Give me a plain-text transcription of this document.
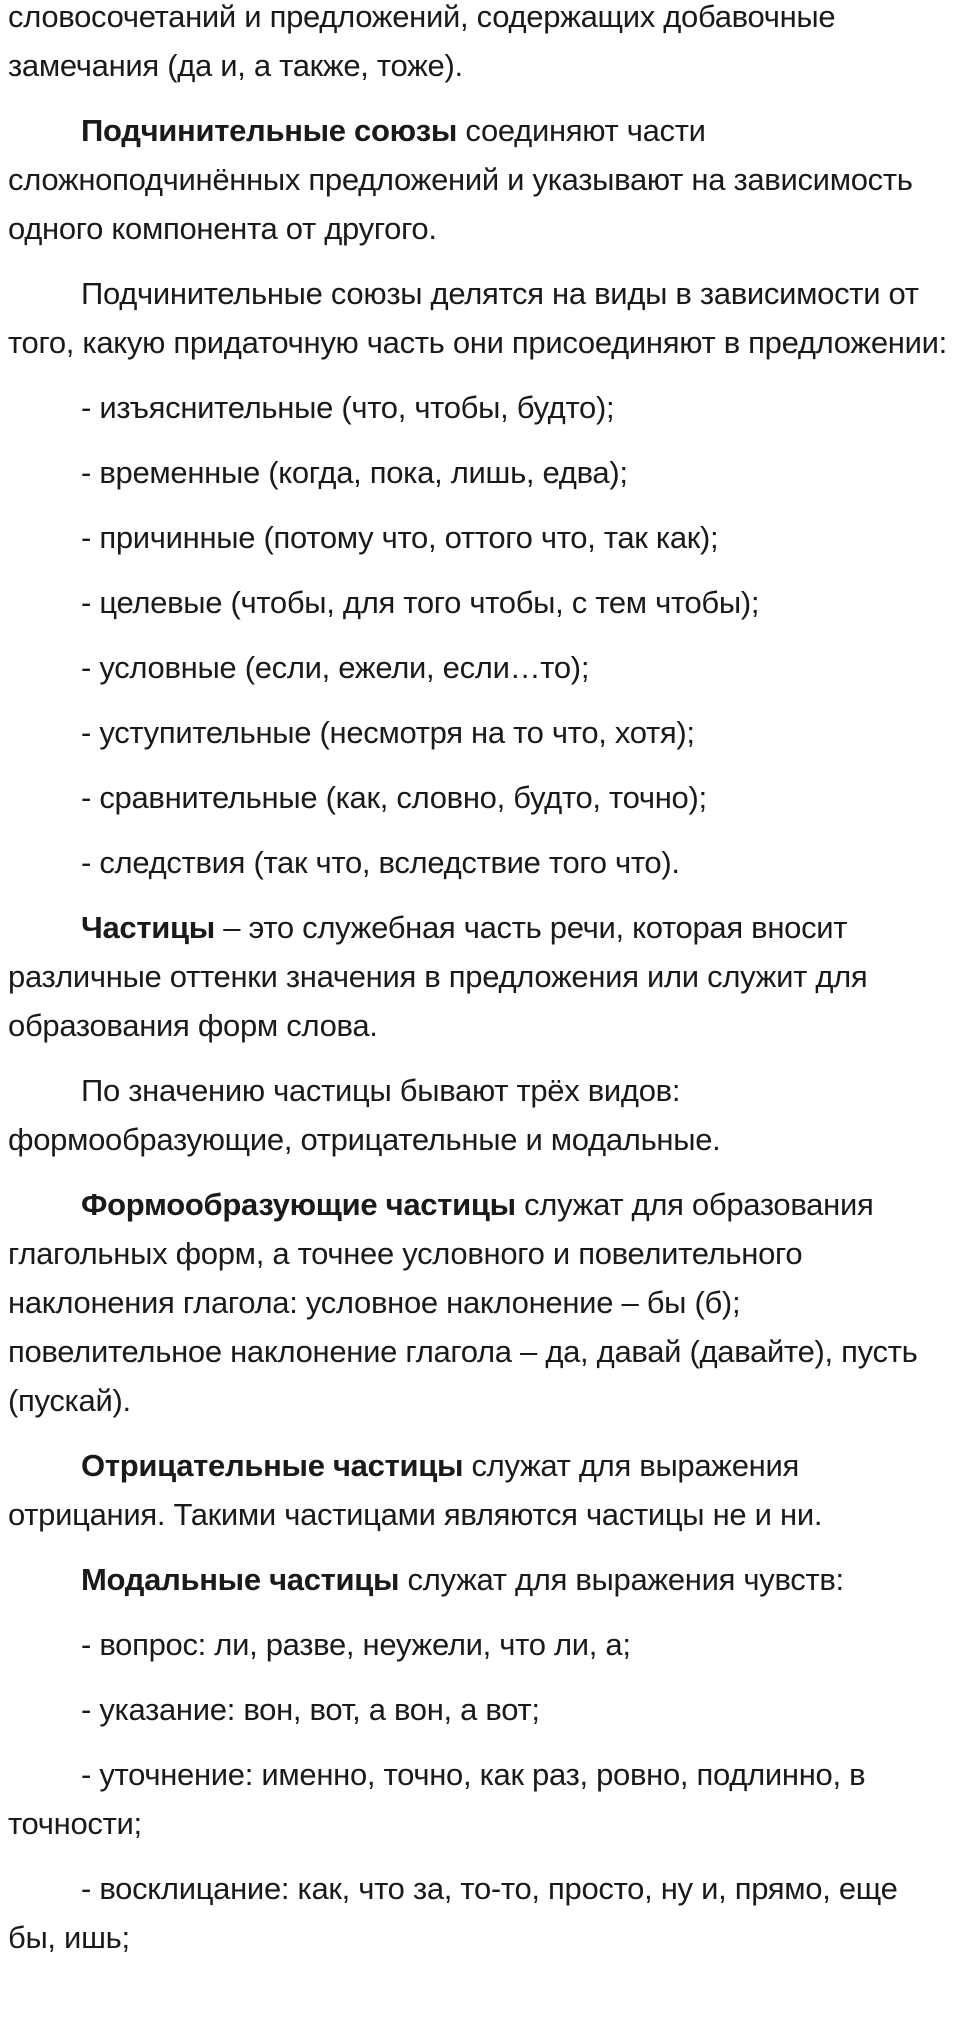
словосочетаний и предложений, содержащих добавочные замечания (да и, а также, тоже).

Подчинительные союзы соединяют части сложноподчинённых предложений и указывают на зависимость одного компонента от другого.

Подчинительные союзы делятся на виды в зависимости от того, какую придаточную часть они присоединяют в предложении:

- изъяснительные (что, чтобы, будто);

- временные (когда, пока, лишь, едва);

- причинные (потому что, оттого что, так как);

- целевые (чтобы, для того чтобы, с тем чтобы);

- условные (если, ежели, если…то);

- уступительные (несмотря на то что, хотя);

- сравнительные (как, словно, будто, точно);

- следствия (так что, вследствие того что).

Частицы – это служебная часть речи, которая вносит различные оттенки значения в предложения или служит для образования форм слова.

По значению частицы бывают трёх видов: формообразующие, отрицательные и модальные.

Формообразующие частицы служат для образования глагольных форм, а точнее условного и повелительного наклонения глагола: условное наклонение – бы (б); повелительное наклонение глагола – да, давай (давайте), пусть (пускай).

Отрицательные частицы служат для выражения отрицания. Такими частицами являются частицы не и ни.

Модальные частицы служат для выражения чувств:

- вопрос: ли, разве, неужели, что ли, а;

- указание: вон, вот, а вон, а вот;

- уточнение: именно, точно, как раз, ровно, подлинно, в точности;

- восклицание: как, что за, то-то, просто, ну и, прямо, еще бы, ишь;
